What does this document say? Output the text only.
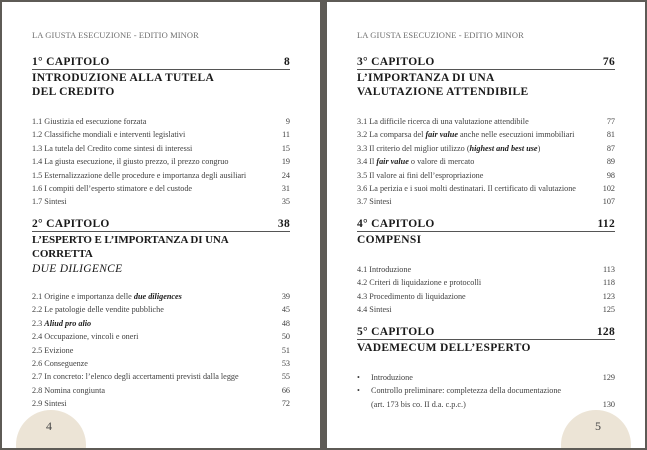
LA GIUSTA ESECUZIONE - EDITIO MINOR
1° CAPITOLO	8
INTRODUZIONE ALLA TUTELA DEL CREDITO
1.1 Giustizia ed esecuzione forzata	9
1.2 Classifiche mondiali e interventi legislativi	11
1.3 La tutela del Credito come sintesi di interessi	15
1.4 La giusta esecuzione, il giusto prezzo, il prezzo congruo	19
1.5 Esternalizzazione delle procedure e importanza degli ausiliari	24
1.6 I compiti dell’esperto stimatore e del custode	31
1.7 Sintesi	35
2° CAPITOLO	38
L’ESPERTO E L’IMPORTANZA DI UNA CORRETTA
DUE DILIGENCE
2.1 Origine e importanza delle due diligences	39
2.2 Le patologie delle vendite pubbliche	45
2.3 Aliud pro alio	48
2.4 Occupazione, vincoli e oneri	50
2.5 Evizione	51
2.6 Conseguenze	53
2.7 In concreto: l’elenco degli accertamenti previsti dalla legge	55
2.8 Nomina congiunta	66
2.9 Sintesi	72
4
LA GIUSTA ESECUZIONE - EDITIO MINOR
3° CAPITOLO	76
L’IMPORTANZA DI UNA VALUTAZIONE ATTENDIBILE
3.1 La difficile ricerca di una valutazione attendibile	77
3.2 La comparsa del fair value anche nelle esecuzioni immobiliari	81
3.3 Il criterio del miglior utilizzo (highest and best use)	87
3.4 Il fair value o valore di mercato	89
3.5 Il valore ai fini dell’espropriazione	98
3.6 La perizia e i suoi molti destinatari. Il certificato di valutazione	102
3.7 Sintesi	107
4° CAPITOLO	112
COMPENSI
4.1 Introduzione	113
4.2 Criteri di liquidazione e protocolli	118
4.3 Procedimento di liquidazione	123
4.4 Sintesi	125
5° CAPITOLO	128
VADEMECUM DELL’ESPERTO
•	Introduzione	129
•	Controllo preliminare: completezza della documentazione
(art. 173 bis co. II d.a. c.p.c.)	130
5
